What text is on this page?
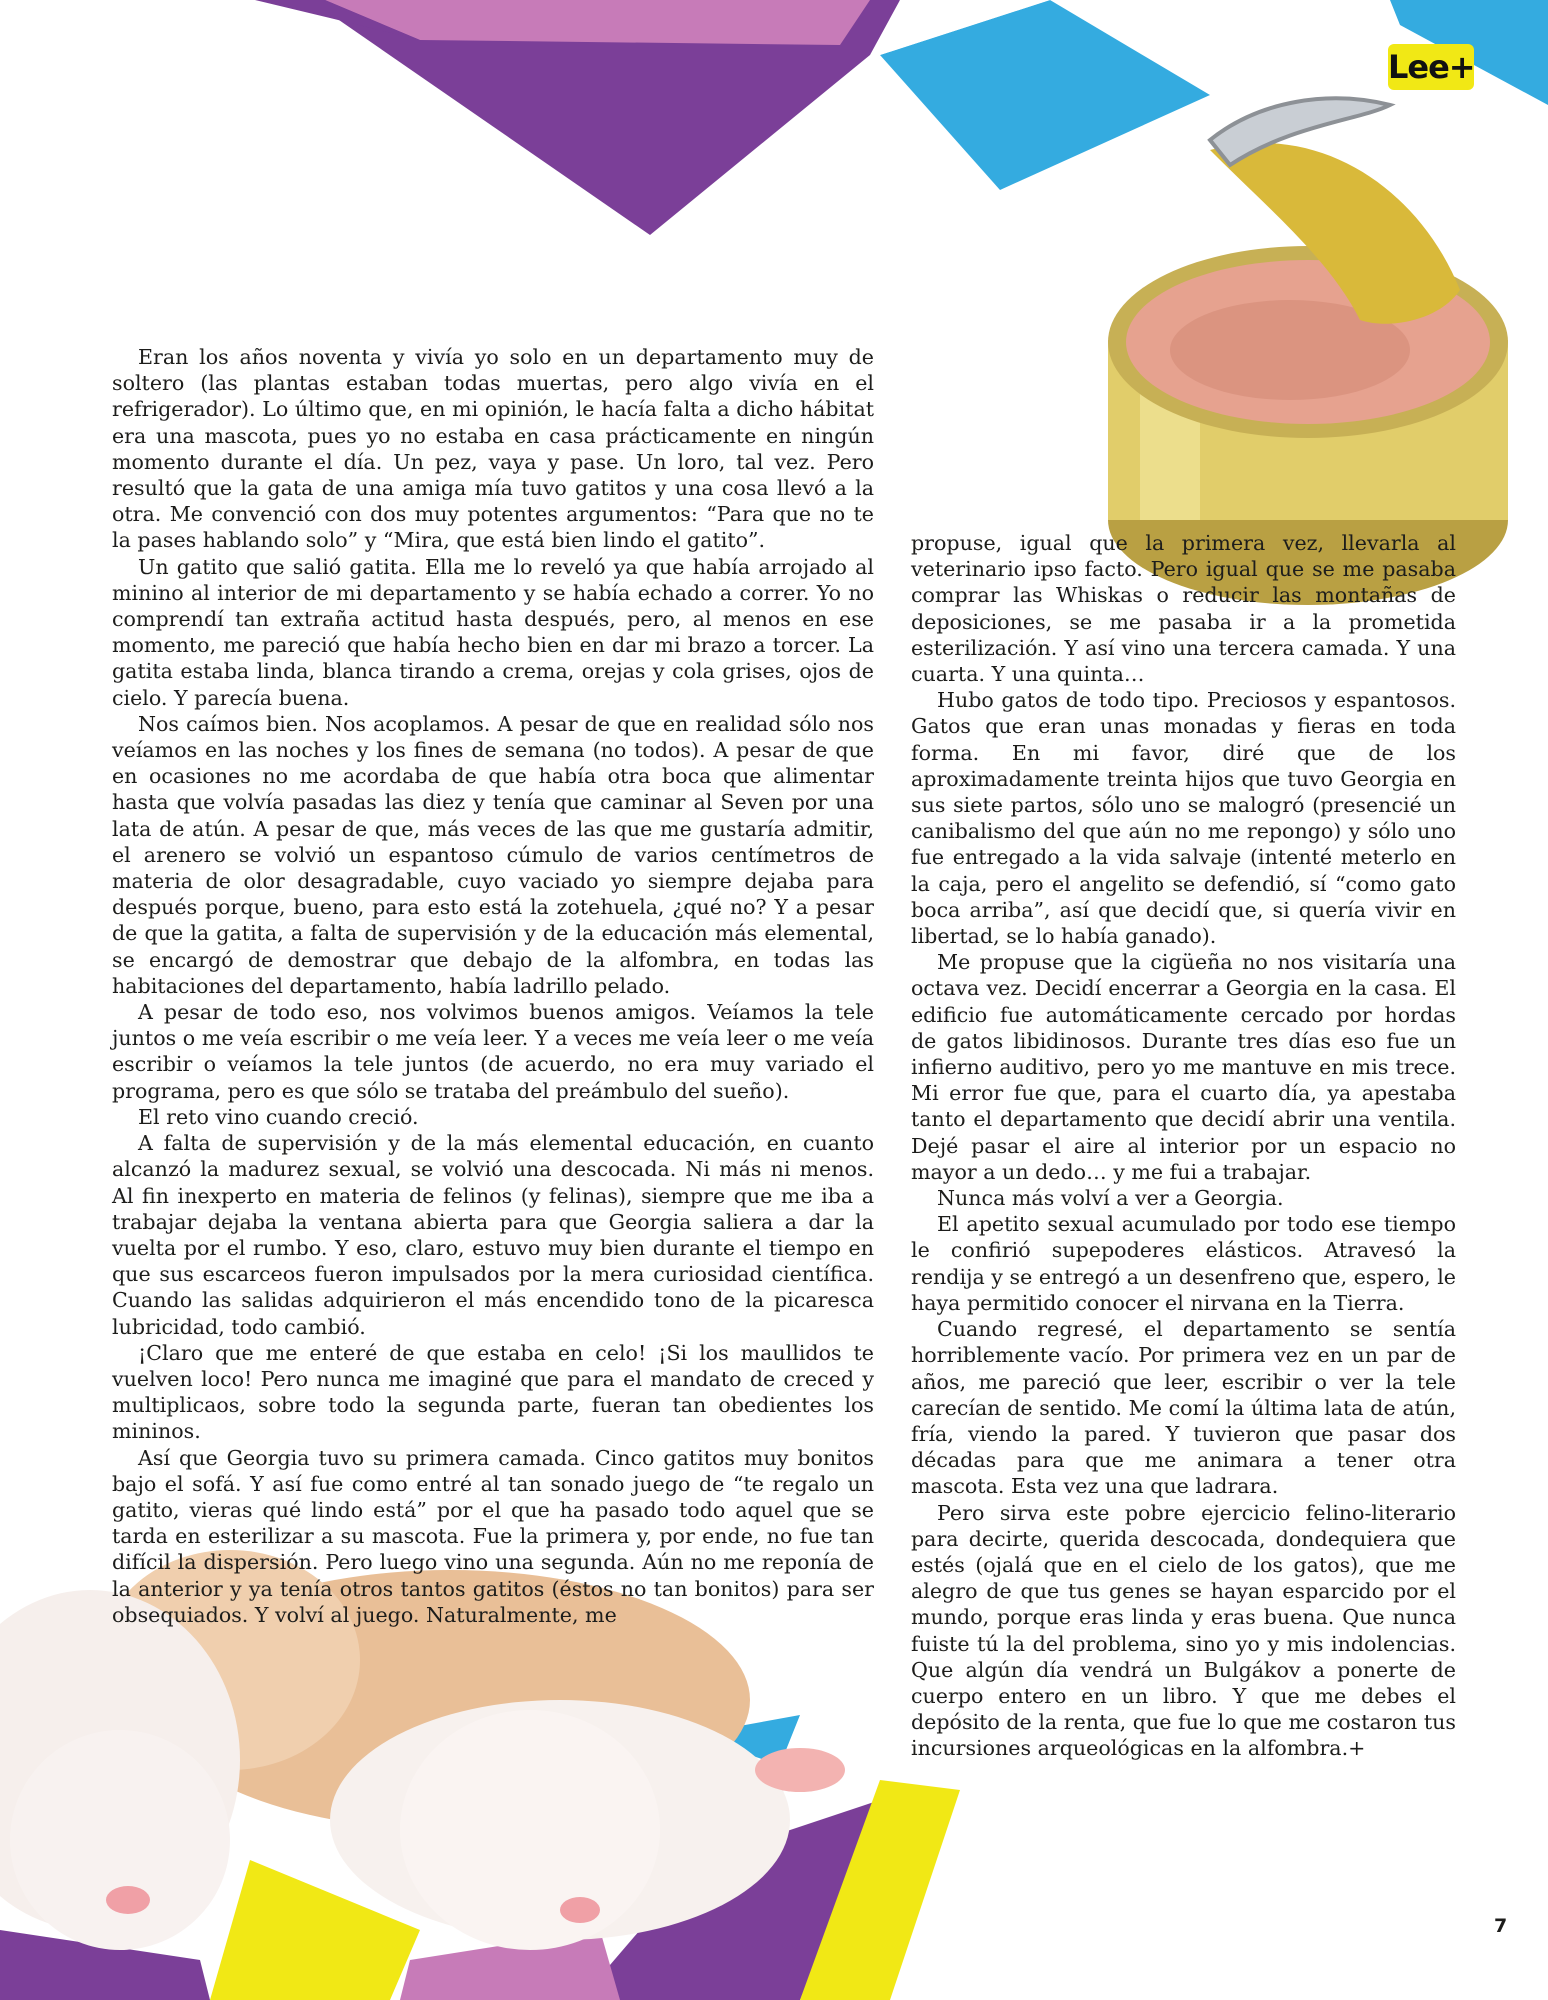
Lee+

Eran los años noventa y vivía yo solo en un departamento muy de soltero (las plantas estaban todas muertas, pero algo vivía en el refrigerador). Lo último que, en mi opinión, le hacía falta a dicho hábitat era una mascota, pues yo no estaba en casa prácticamente en ningún momento durante el día. Un pez, vaya y pase. Un loro, tal vez. Pero resultó que la gata de una amiga mía tuvo gatitos y una cosa llevó a la otra. Me convenció con dos muy potentes argumentos: “Para que no te la pases hablando solo” y “Mira, que está bien lindo el gatito”.

Un gatito que salió gatita. Ella me lo reveló ya que había arrojado al minino al interior de mi departamento y se había echado a correr. Yo no comprendí tan extraña actitud hasta después, pero, al menos en ese momento, me pareció que había hecho bien en dar mi brazo a torcer. La gatita estaba linda, blanca tirando a crema, orejas y cola grises, ojos de cielo. Y parecía buena.

Nos caímos bien. Nos acoplamos. A pesar de que en realidad sólo nos veíamos en las noches y los fines de semana (no todos). A pesar de que en ocasiones no me acordaba de que había otra boca que alimentar hasta que volvía pasadas las diez y tenía que caminar al Seven por una lata de atún. A pesar de que, más veces de las que me gustaría admitir, el arenero se volvió un espantoso cúmulo de varios centímetros de materia de olor desagradable, cuyo vaciado yo siempre dejaba para después porque, bueno, para esto está la zotehuela, ¿qué no? Y a pesar de que la gatita, a falta de supervisión y de la educación más elemental, se encargó de demostrar que debajo de la alfombra, en todas las habitaciones del departamento, había ladrillo pelado.

A pesar de todo eso, nos volvimos buenos amigos. Veíamos la tele juntos o me veía escribir o me veía leer. Y a veces me veía leer o me veía escribir o veíamos la tele juntos (de acuerdo, no era muy variado el programa, pero es que sólo se trataba del preámbulo del sueño).

El reto vino cuando creció.

A falta de supervisión y de la más elemental educación, en cuanto alcanzó la madurez sexual, se volvió una descocada. Ni más ni menos. Al fin inexperto en materia de felinos (y felinas), siempre que me iba a trabajar dejaba la ventana abierta para que Georgia saliera a dar la vuelta por el rumbo. Y eso, claro, estuvo muy bien durante el tiempo en que sus escarceos fueron impulsados por la mera curiosidad científica. Cuando las salidas adquirieron el más encendido tono de la picaresca lubricidad, todo cambió.

¡Claro que me enteré de que estaba en celo! ¡Si los maullidos te vuelven loco! Pero nunca me imaginé que para el mandato de creced y multiplicaos, sobre todo la segunda parte, fueran tan obedientes los mininos.

Así que Georgia tuvo su primera camada. Cinco gatitos muy bonitos bajo el sofá. Y así fue como entré al tan sonado juego de “te regalo un gatito, vieras qué lindo está” por el que ha pasado todo aquel que se tarda en esterilizar a su mascota. Fue la primera y, por ende, no fue tan difícil la dispersión. Pero luego vino una segunda. Aún no me reponía de la anterior y ya tenía otros tantos gatitos (éstos no tan bonitos) para ser obsequiados. Y volví al juego. Naturalmente, me

propuse, igual que la primera vez, llevarla al veterinario ipso facto. Pero igual que se me pasaba comprar las Whiskas o reducir las montañas de deposiciones, se me pasaba ir a la prometida esterilización. Y así vino una tercera camada. Y una cuarta. Y una quinta…

Hubo gatos de todo tipo. Preciosos y espantosos. Gatos que eran unas monadas y fieras en toda forma. En mi favor, diré que de los aproximadamente treinta hijos que tuvo Georgia en sus siete partos, sólo uno se malogró (presencié un canibalismo del que aún no me repongo) y sólo uno fue entregado a la vida salvaje (intenté meterlo en la caja, pero el angelito se defendió, sí “como gato boca arriba”, así que decidí que, si quería vivir en libertad, se lo había ganado).

Me propuse que la cigüeña no nos visitaría una octava vez. Decidí encerrar a Georgia en la casa. El edificio fue automáticamente cercado por hordas de gatos libidinosos. Durante tres días eso fue un infierno auditivo, pero yo me mantuve en mis trece. Mi error fue que, para el cuarto día, ya apestaba tanto el departamento que decidí abrir una ventila. Dejé pasar el aire al interior por un espacio no mayor a un dedo… y me fui a trabajar.

Nunca más volví a ver a Georgia.

El apetito sexual acumulado por todo ese tiempo le confirió supepoderes elásticos. Atravesó la rendija y se entregó a un desenfreno que, espero, le haya permitido conocer el nirvana en la Tierra.

Cuando regresé, el departamento se sentía horriblemente vacío. Por primera vez en un par de años, me pareció que leer, escribir o ver la tele carecían de sentido. Me comí la última lata de atún, fría, viendo la pared. Y tuvieron que pasar dos décadas para que me animara a tener otra mascota. Esta vez una que ladrara.

Pero sirva este pobre ejercicio felino-literario para decirte, querida descocada, dondequiera que estés (ojalá que en el cielo de los gatos), que me alegro de que tus genes se hayan esparcido por el mundo, porque eras linda y eras buena. Que nunca fuiste tú la del problema, sino yo y mis indolencias. Que algún día vendrá un Bulgákov a ponerte de cuerpo entero en un libro. Y que me debes el depósito de la renta, que fue lo que me costaron tus incursiones arqueológicas en la alfombra.+

7
